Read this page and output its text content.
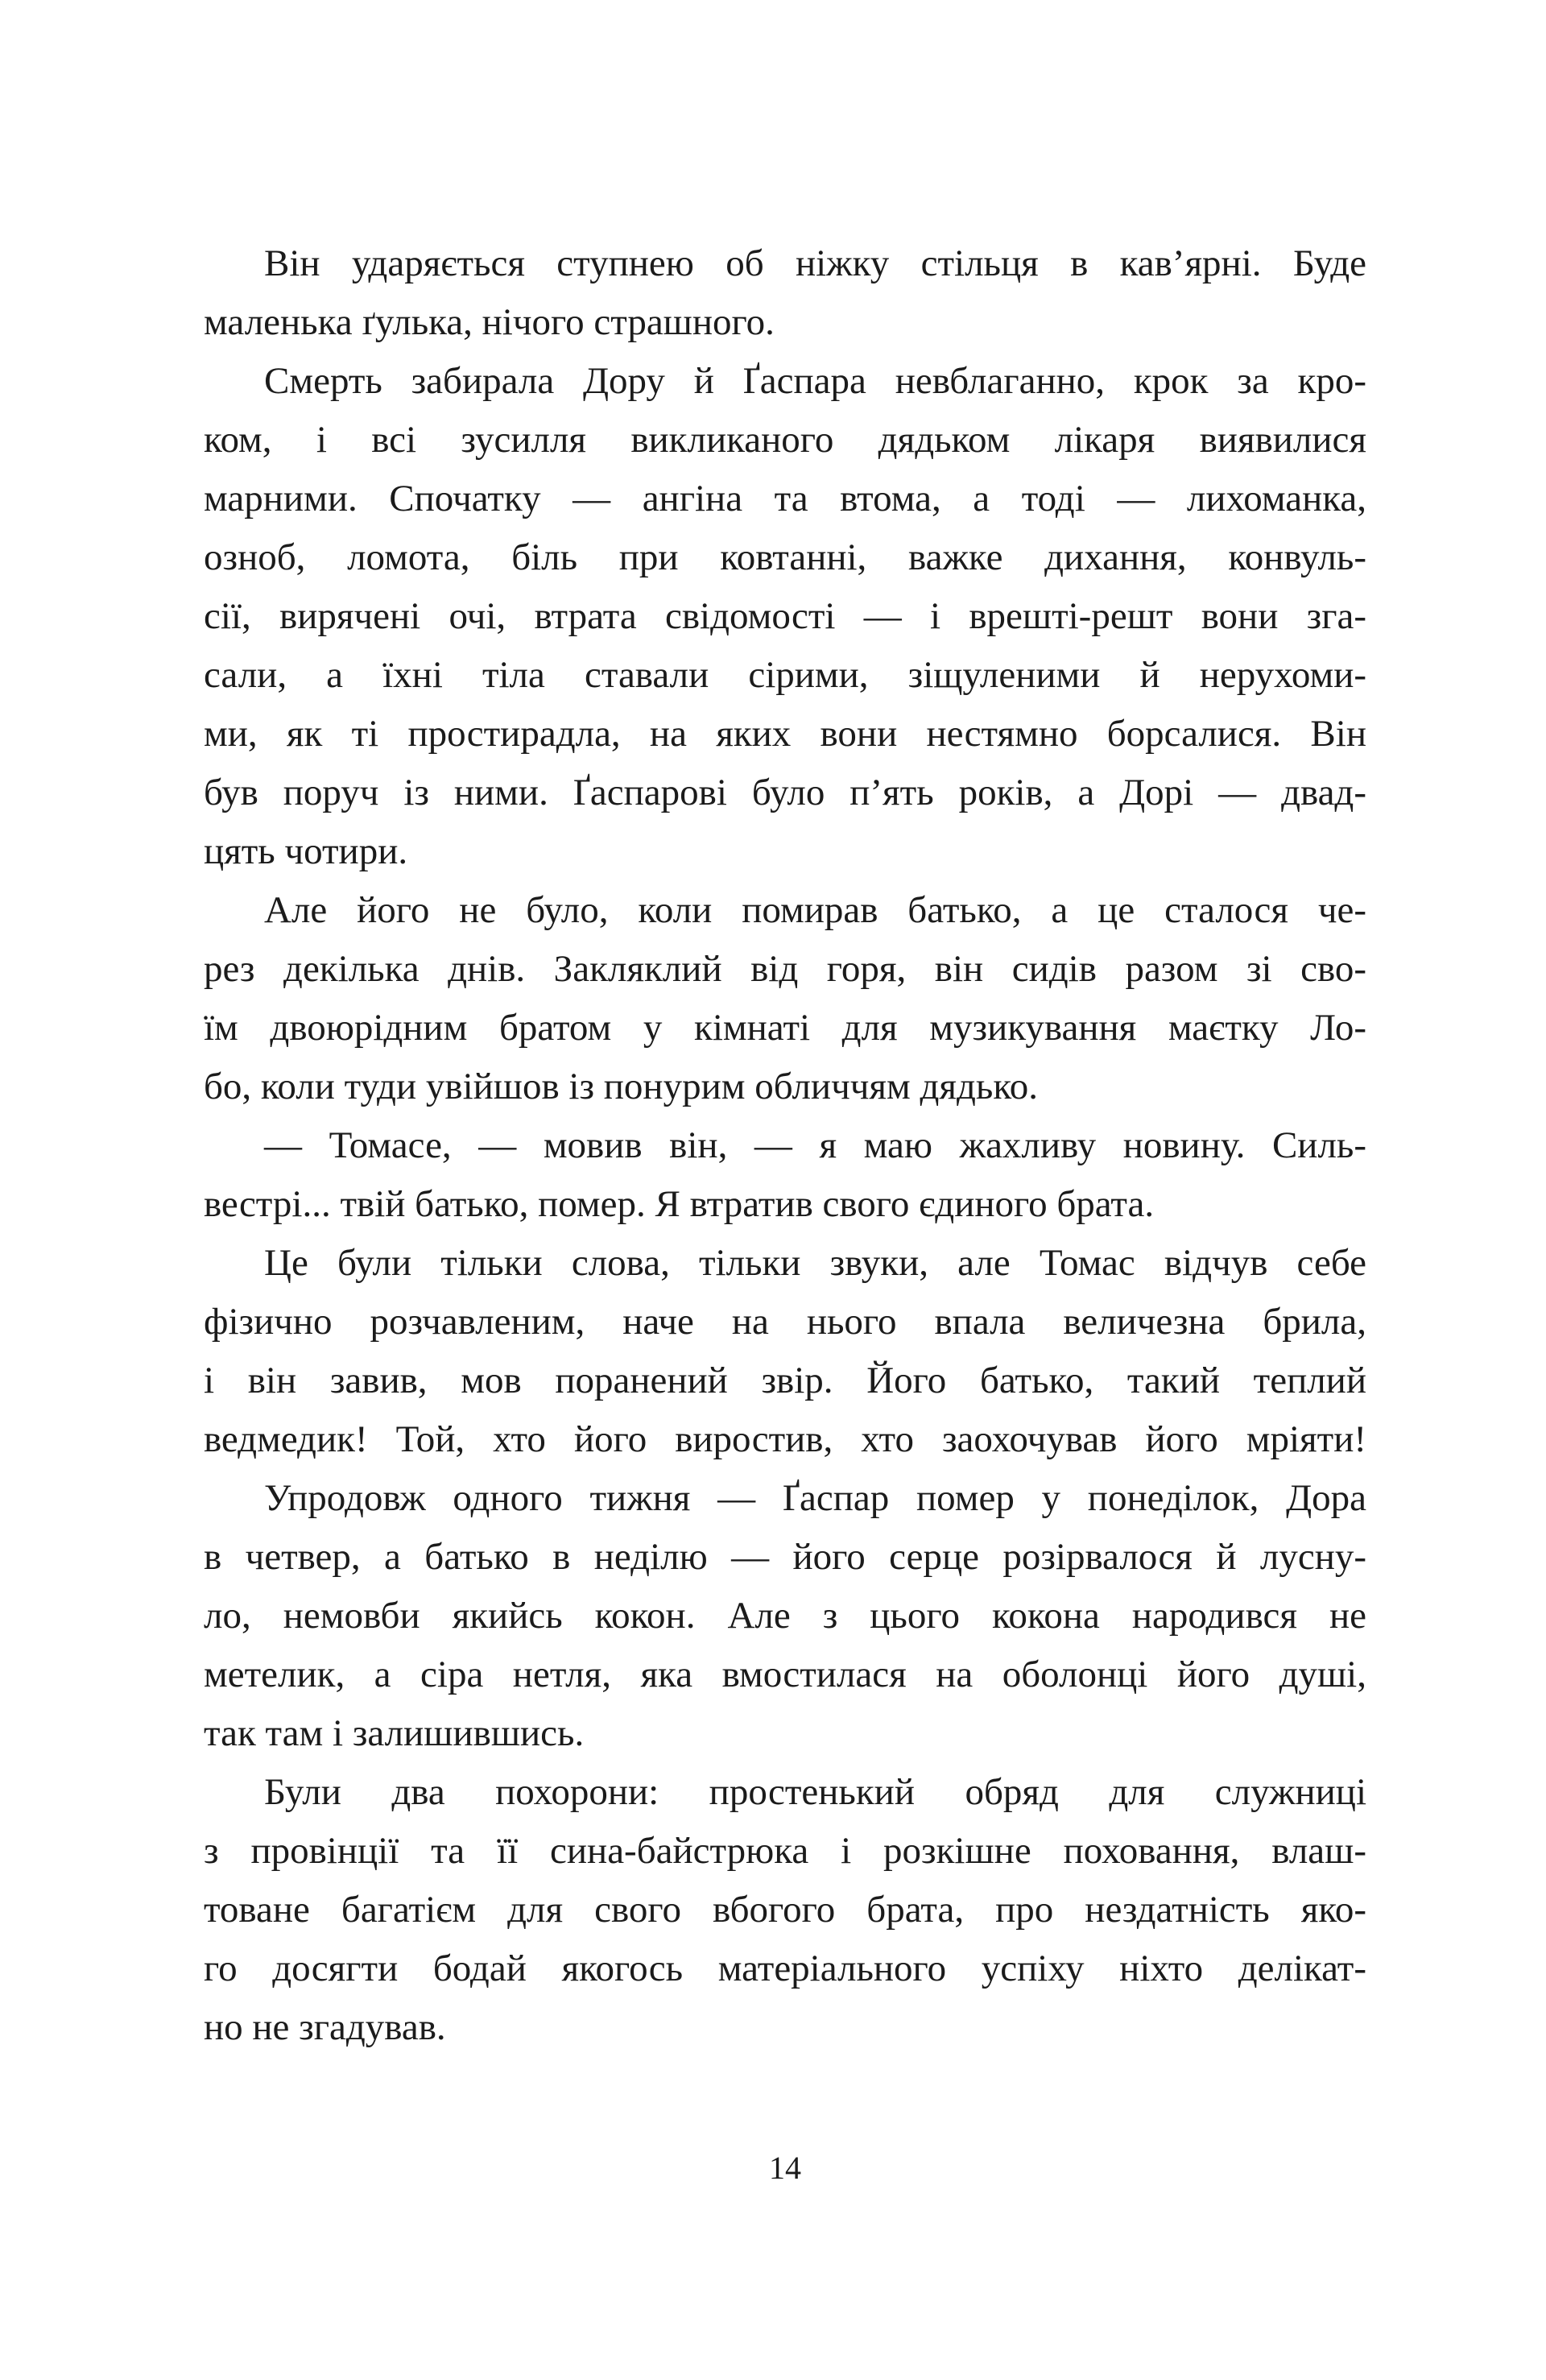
Він ударяється ступнею об ніжку стільця в кав’ярні. Буде
маленька ґулька, нічого страшного.

Смерть забирала Дору й Ґаспара невблаганно, крок за кро-
ком, і всі зусилля викликаного дядьком лікаря виявилися
марними. Спочатку — ангіна та втома, а тоді — лихоманка,
озноб, ломота, біль при ковтанні, важке дихання, конвуль-
сії, вирячені очі, втрата свідомості — і врешті-решт вони зга-
сали, а їхні тіла ставали сірими, зіщуленими й нерухоми-
ми, як ті простирадла, на яких вони нестямно борсалися. Він
був поруч із ними. Ґаспарові було п’ять років, а Дорі — двад-
цять чотири.

Але його не було, коли помирав батько, а це сталося че-
рез декілька днів. Закляклий від горя, він сидів разом зі сво-
їм двоюрідним братом у кімнаті для музикування маєтку Ло-
бо, коли туди увійшов із понурим обличчям дядько.

— Томасе, — мовив він, — я маю жахливу новину. Силь-
вестрі... твій батько, помер. Я втратив свого єдиного брата.

Це були тільки слова, тільки звуки, але Томас відчув себе
фізично розчавленим, наче на нього впала величезна брила,
і він завив, мов поранений звір. Його батько, такий теплий
ведмедик! Той, хто його виростив, хто заохочував його мріяти!

Упродовж одного тижня — Ґаспар помер у понеділок, Дора
в четвер, а батько в неділю — його серце розірвалося й лусну-
ло, немовби якийсь кокон. Але з цього кокона народився не
метелик, а сіра нетля, яка вмостилася на оболонці його душі,
так там і залишившись.

Були два похорони: простенький обряд для служниці
з провінції та її сина-байстрюка і розкішне поховання, влаш-
товане багатієм для свого вбогого брата, про нездатність яко-
го досягти бодай якогось матеріального успіху ніхто делікат-
но не згадував.

14
